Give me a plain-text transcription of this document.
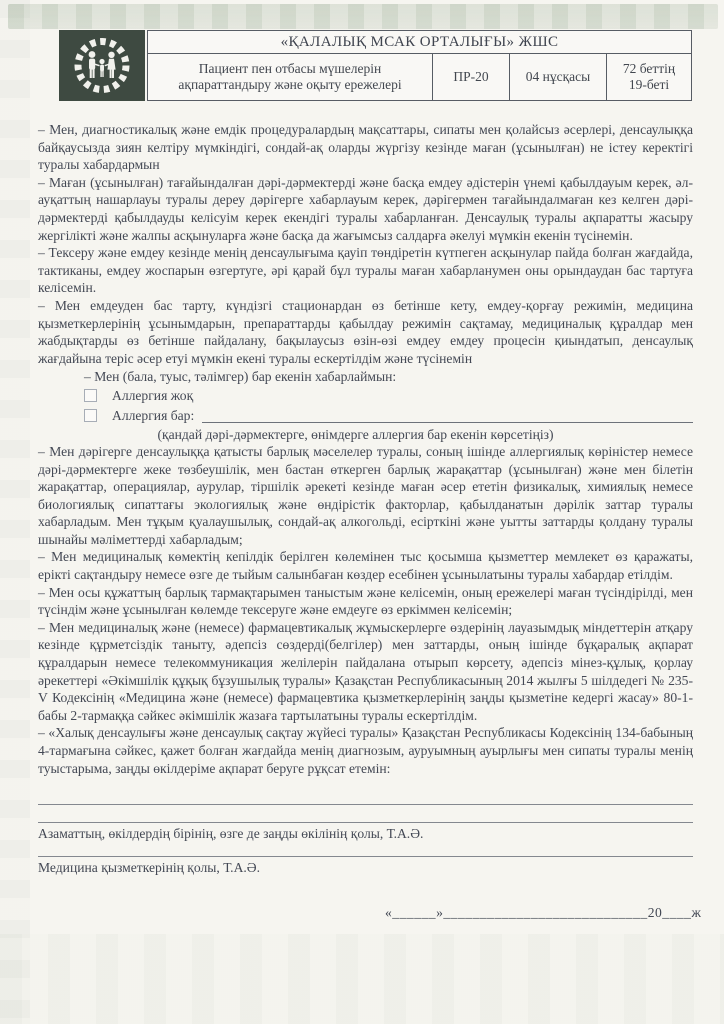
«ҚАЛАЛЫҚ МСАК ОРТАЛЫҒЫ» ЖШС
Пациент пен отбасы мүшелерін ақпараттандыру және оқыту ережелері
ПР-20	04 нұсқасы
72 беттің 19-беті

– Мен, диагностикалық және емдік процедуралардың мақсаттары, сипаты мен қолайсыз әсерлері, денсаулыққа байқаусызда зиян келтіру мүмкіндігі, сондай-ақ оларды жүргізу кезінде маған (ұсынылған) не істеу керектігі туралы хабардармын

– Маған (ұсынылған) тағайындалған дәрі-дәрмектерді және басқа емдеу әдістерін үнемі қабылдауым керек, әл-ауқаттың нашарлауы туралы дереу дәрігерге хабарлауым керек, дәрігермен тағайындалмаған кез келген дәрі-дәрмектерді қабылдауды келісуім керек екендігі туралы хабарланған. Денсаулық туралы ақпаратты жасыру жергілікті және жалпы асқынуларға және басқа да жағымсыз салдарға әкелуі мүмкін екенін түсінемін.

– Тексеру және емдеу кезінде менің денсаулығыма қауіп төндіретін күтпеген асқынулар пайда болған жағдайда, тактиканы, емдеу жоспарын өзгертуге, әрі қарай бұл туралы маған хабарланумен оны орындаудан бас тартуға келісемін.

– Мен емдеуден бас тарту, күндізгі стационардан өз бетінше кету, емдеу-қорғау режимін, медицина қызметкерлерінің ұсынымдарын, препараттарды қабылдау режимін сақтамау, медициналық құралдар мен жабдықтарды өз бетінше пайдалану, бақылаусыз өзін-өзі емдеу емдеу процесін қиындатып, денсаулық жағдайына теріс әсер етуі мүмкін екені туралы ескертілдім және түсінемін

– Мен (бала, туыс, тәлімгер) бар екенін хабарлаймын:
Аллергия жоқ
Аллергия бар:
(қандай дәрі-дәрмектерге, өнімдерге аллергия бар екенін көрсетіңіз)

– Мен дәрігерге денсаулыққа қатысты барлық мәселелер туралы, соның ішінде аллергиялық көріністер немесе дәрі-дәрмектерге жеке төзбеушілік, мен бастан өткерген барлық жарақаттар (ұсынылған) және мен білетін жарақаттар, операциялар, аурулар, тіршілік әрекеті кезінде маған әсер ететін физикалық, химиялық немесе биологиялық сипаттағы экологиялық және өндірістік факторлар, қабылданатын дәрілік заттар туралы хабарладым. Мен тұқым қуалаушылық, сондай-ақ алкогольді, есірткіні және уытты заттарды қолдану туралы шынайы мәліметтерді хабарладым;

– Мен медициналық көмектің кепілдік берілген көлемінен тыс қосымша қызметтер мемлекет өз қаражаты, ерікті сақтандыру немесе өзге де тыйым салынбаған көздер есебінен ұсынылатыны туралы хабардар етілдім.

– Мен осы құжаттың барлық тармақтарымен таныстым және келісемін, оның ережелері маған түсіндірілді, мен түсіндім және ұсынылған көлемде тексеруге және емдеуге өз еркіммен келісемін;

– Мен медициналық және (немесе) фармацевтикалық жұмыскерлерге өздерінің лауазымдық міндеттерін атқару кезінде құрметсіздік таныту, әдепсіз сөздерді(белгілер) мен заттарды, оның ішінде бұқаралық ақпарат құралдарын немесе телекоммуникация желілерін пайдалана отырып көрсету, әдепсіз мінез-құлық, қорлау әрекеттері «Әкімшілік құқық бұзушылық туралы» Қазақстан Республикасының 2014 жылғы 5 шілдедегі № 235-V Кодексінің «Медицина және (немесе) фармацевтика қызметкерлерінің заңды қызметіне кедергі жасау» 80-1-бабы 2-тармаққа сәйкес әкімшілік жазаға тартылатыны туралы ескертілдім.

– «Халық денсаулығы және денсаулық сақтау жүйесі туралы» Қазақстан Республикасы Кодексінің 134-бабының 4-тармағына сәйкес, қажет болған жағдайда менің диагнозым, ауруымның ауырлығы мен сипаты туралы менің туыстарыма, заңды өкілдеріме ақпарат беруге рұқсат етемін:

Азаматтың, өкілдердің бірінің, өзге де заңды өкілінің қолы, Т.А.Ә.
Медицина қызметкерінің қолы, Т.А.Ә.
«______»____________________________20____ж
